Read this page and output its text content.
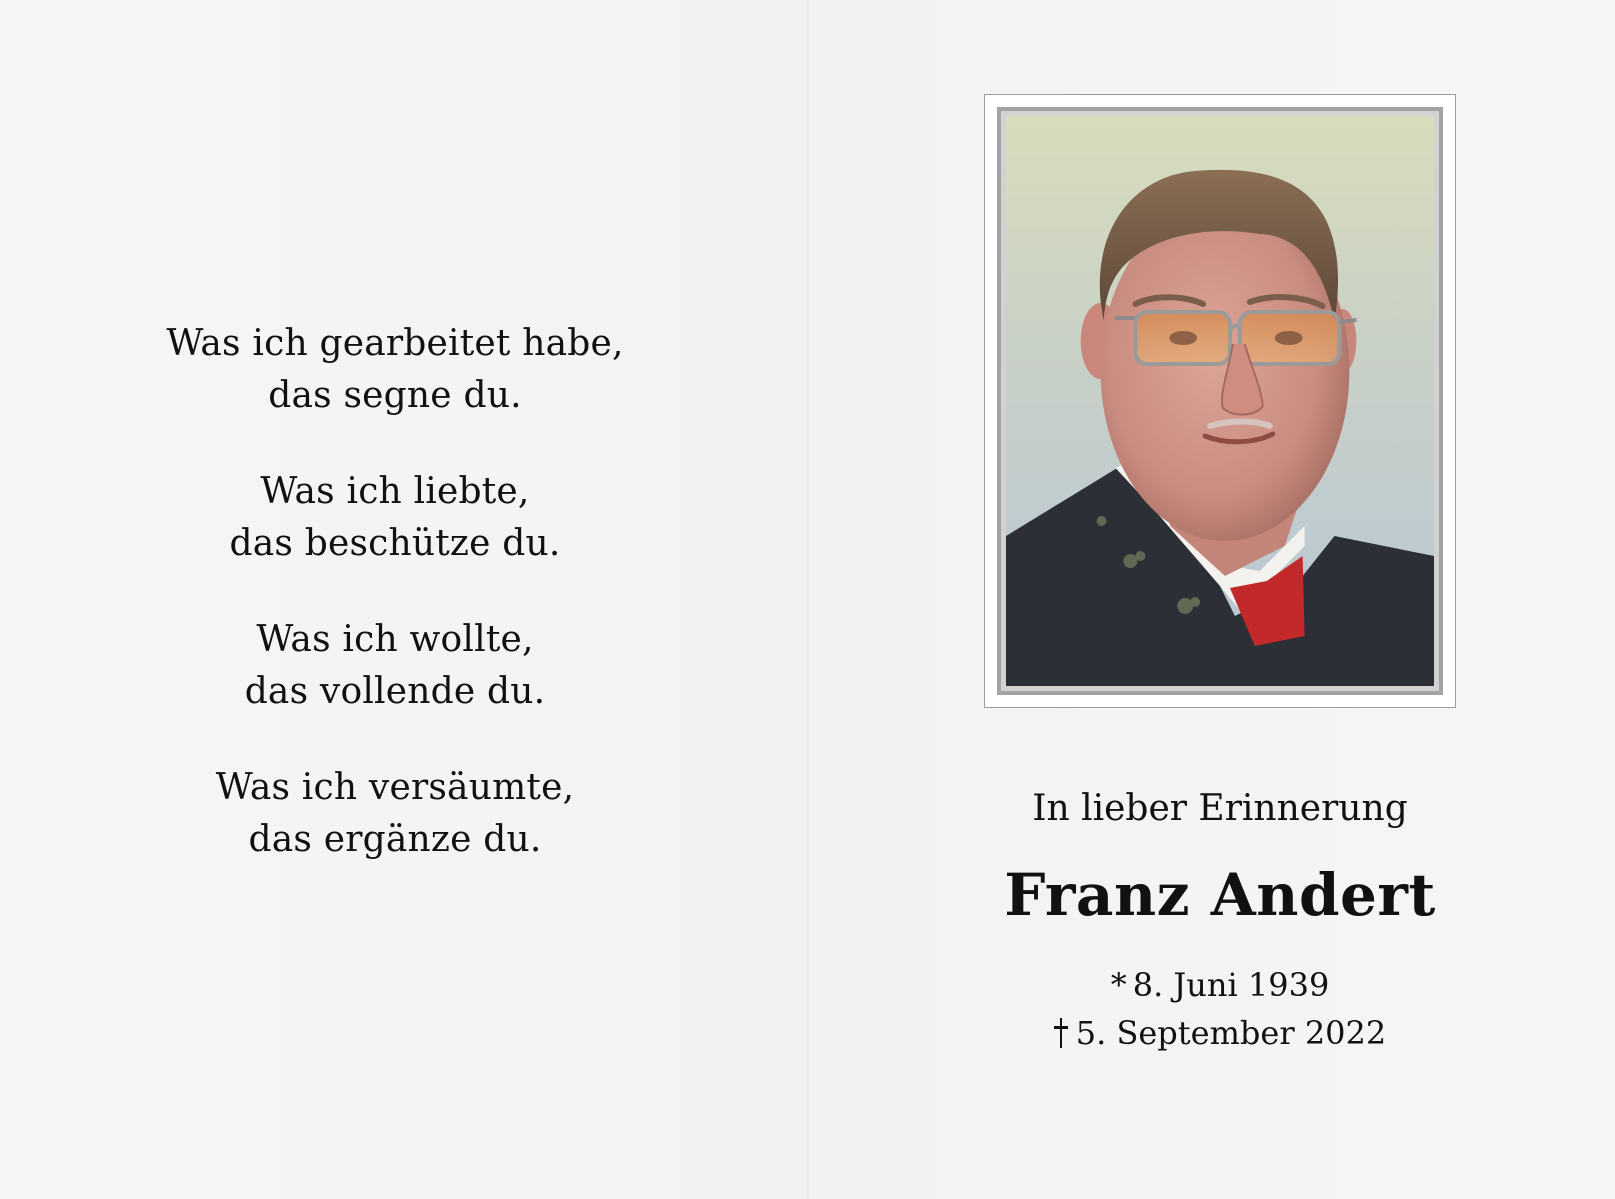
Was ich gearbeitet habe,
das segne du.
Was ich liebte,
das beschütze du.
Was ich wollte,
das vollende du.
Was ich versäumte,
das ergänze du.

In lieber Erinnerung

Franz Andert

* 8. Juni 1939
5. September 2022
